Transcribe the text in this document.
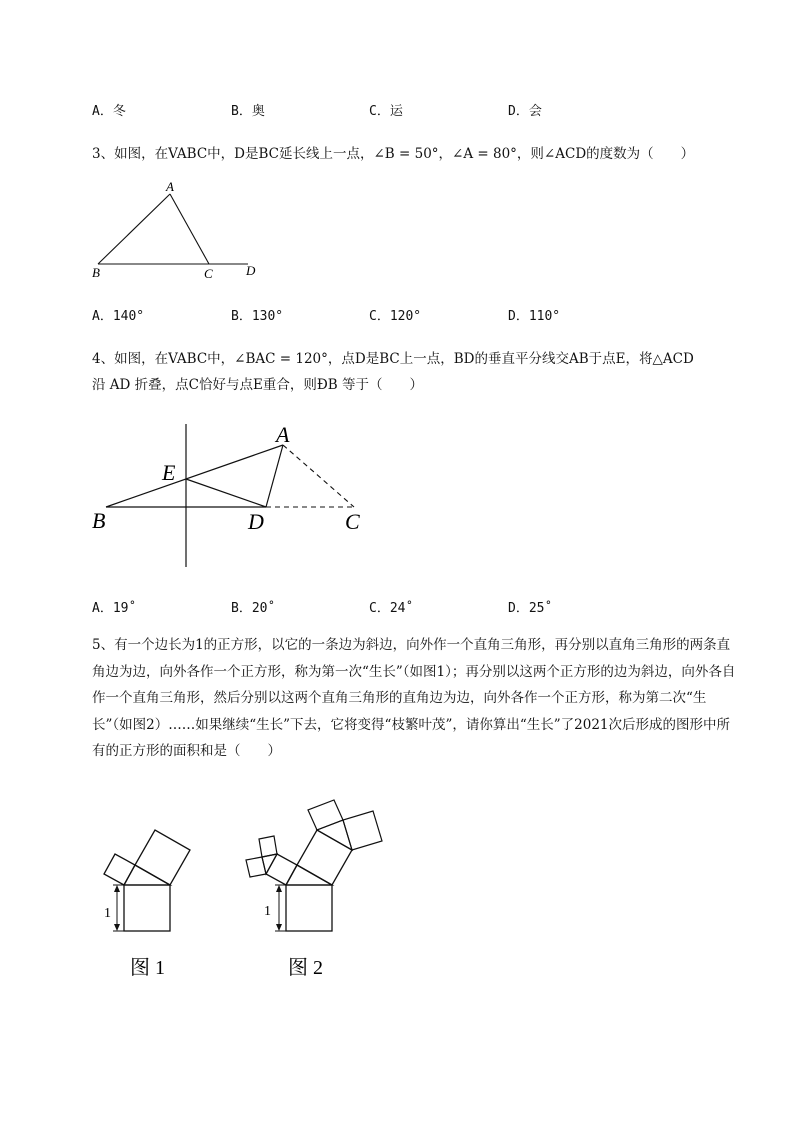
A．冬	B．奥	C．运	D．会
3、如图，在VABC中，D是BC延长线上一点，∠B = 50°，∠A = 80°，则∠ACD的度数为（　　）
A
B	C	D
A．140°	B．130°	C．120°	D．110°
4、如图，在VABC中，∠BAC = 120°，点D是BC上一点，BD的垂直平分线交AB于点E，将△ACD
沿 AD 折叠，点C恰好与点E重合，则ÐB 等于（　　）
A
E
B	D	C
A．19˚	B．20˚	C．24˚	D．25˚
5、有一个边长为1的正方形，以它的一条边为斜边，向外作一个直角三角形，再分别以直角三角形的两条直角边为边，向外各作一个正方形，称为第一次“生长”（如图1）；再分别以这两个正方形的边为斜边，向外各自作一个直角三角形，然后分别以这两个直角三角形的直角边为边，向外各作一个正方形，称为第二次“生长”（如图2）……如果继续“生长”下去，它将变得“枝繁叶茂”，请你算出“生长”了2021次后形成的图形中所有的正方形的面积和是（　　）
1
图 1
1
图 2
